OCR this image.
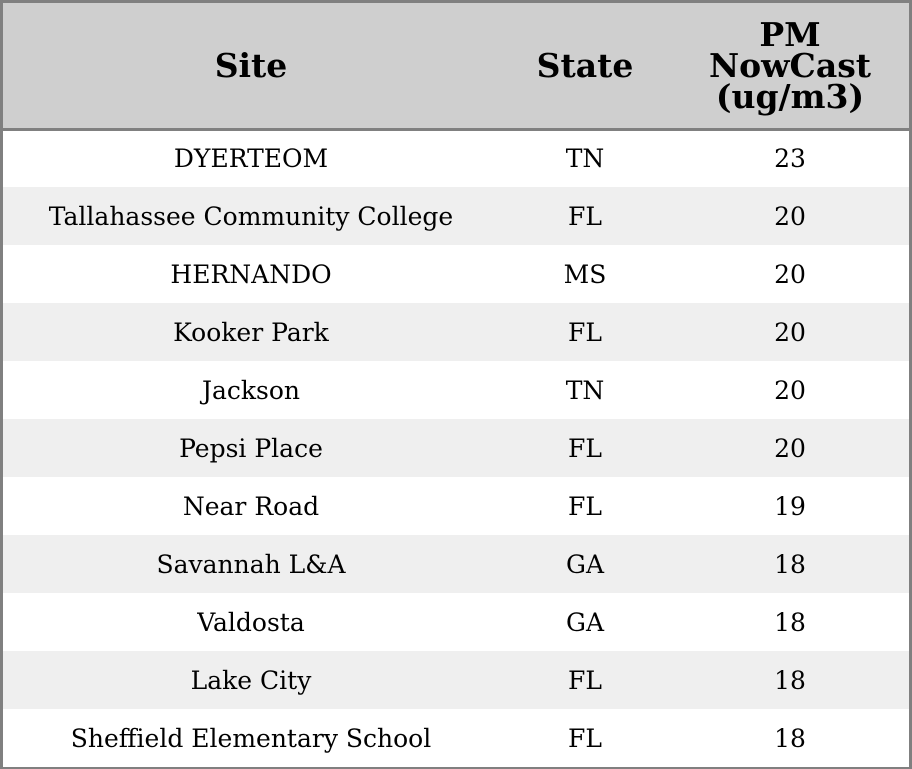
Site	State	PM
NowCast
(ug/m3)
DYERTEOM	TN	23
Tallahassee Community College	FL	20
HERNANDO	MS	20
Kooker Park	FL	20
Jackson	TN	20
Pepsi Place	FL	20
Near Road	FL	19
Savannah L&A	GA	18
Valdosta	GA	18
Lake City	FL	18
Sheffield Elementary School	FL	18
